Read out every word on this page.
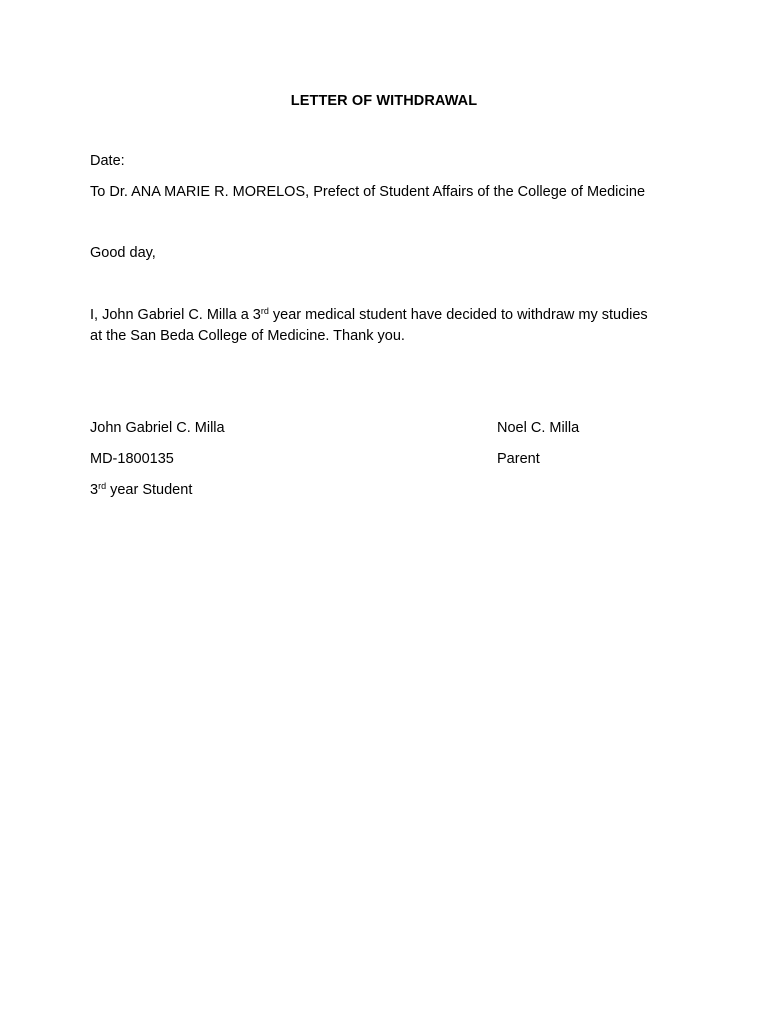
LETTER OF WITHDRAWAL
Date:
To Dr. ANA MARIE R. MORELOS, Prefect of Student Affairs of the College of Medicine
Good day,
I, John Gabriel C. Milla a 3rd year medical student have decided to withdraw my studies
at the San Beda College of Medicine. Thank you.
John Gabriel C. Milla
MD-1800135
3rd year Student
Noel C. Milla
Parent
